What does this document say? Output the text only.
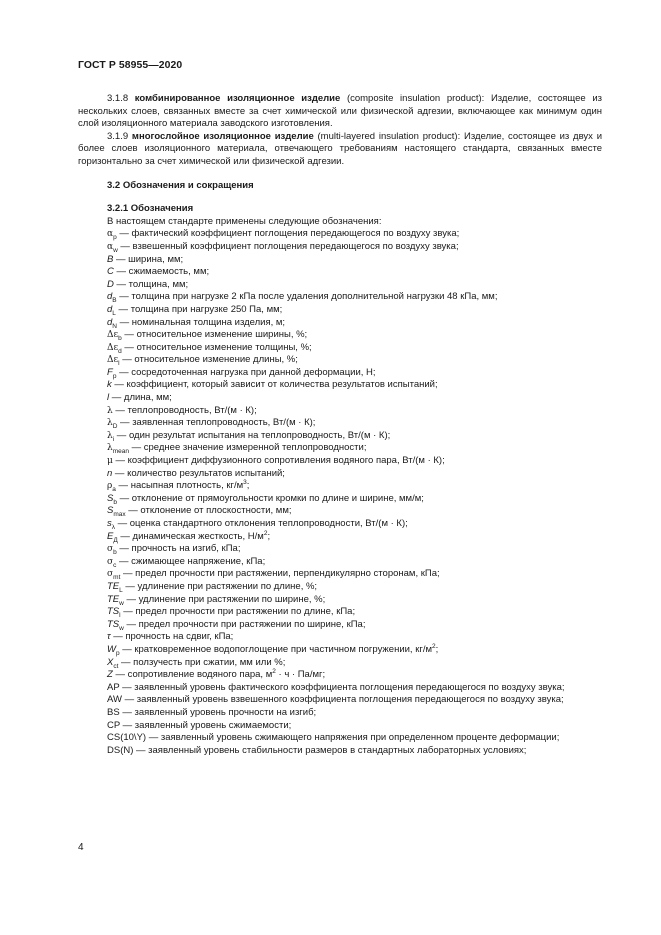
ГОСТ Р 58955—2020

3.1.8 комбинированное изоляционное изделие (composite insulation product): Изделие, состоящее из нескольких слоев, связанных вместе за счет химической или физической адгезии, включающее как минимум один слой изоляционного материала заводского изготовления.

3.1.9 многослойное изоляционное изделие (multi-layered insulation product): Изделие, состоящее из двух и более слоев изоляционного материала, отвечающего требованиям настоящего стандарта, связанных вместе горизонтально за счет химической или физической адгезии.

3.2 Обозначения и сокращения

3.2.1 Обозначения

В настоящем стандарте применены следующие обозначения:

$\alpha_p$ — фактический коэффициент поглощения передающегося по воздуху звука;

$\alpha_w$ — взвешенный коэффициент поглощения передающегося по воздуху звука;

B — ширина, мм;

C — сжимаемость, мм;

D — толщина, мм;

$d_B$ — толщина при нагрузке 2 кПа после удаления дополнительной нагрузки 48 кПа, мм;

$d_L$ — толщина при нагрузке 250 Па, мм;

$d_N$ — номинальная толщина изделия, м;

$\Delta\varepsilon_b$ — относительное изменение ширины, %;

$\Delta\varepsilon_d$ — относительное изменение толщины, %;

$\Delta\varepsilon_l$ — относительное изменение длины, %;

$F_p$ — сосредоточенная нагрузка при данной деформации, Н;

k — коэффициент, который зависит от количества результатов испытаний;

l — длина, мм;

λ — теплопроводность, Вт/(м · К);

$\lambda_D$ — заявленная теплопроводность, Вт/(м · К);

$\lambda_i$ — один результат испытания на теплопроводность, Вт/(м · К);

$\lambda_{mean}$ — среднее значение измеренной теплопроводности;

μ — коэффициент диффузионного сопротивления водяного пара, Вт/(м · К);

n — количество результатов испытаний;

$\rho_a$ — насыпная плотность, $кг/м^3$;

$S_b$ — отклонение от прямоугольности кромки по длине и ширине, мм/м;

$S_{max}$ — отклонение от плоскостности, мм;

$s_\lambda$ — оценка стандартного отклонения теплопроводности, Вт/(м · К);

$E_Д$ — динамическая жесткость, $Н/м^2$;

$\sigma_b$ — прочность на изгиб, кПа;

$\sigma_c$ — сжимающее напряжение, кПа;

$\sigma_{mt}$ — предел прочности при растяжении, перпендикулярно сторонам, кПа;

$TE_L$ — удлинение при растяжении по длине, %;

$TE_w$ — удлинение при растяжении по ширине, %;

$TS_l$ — предел прочности при растяжении по длине, кПа;

$TS_w$ — предел прочности при растяжении по ширине, кПа;

τ — прочность на сдвиг, кПа;

$W_p$ — кратковременное водопоглощение при частичном погружении, $кг/м^2$;

$X_{ct}$ — ползучесть при сжатии, мм или %;

Z — сопротивление водяного пара, $м^2 \cdot ч \cdot Па/мг$;

AP — заявленный уровень фактического коэффициента поглощения передающегося по воздуху звука;

AW — заявленный уровень взвешенного коэффициента поглощения передающегося по воздуху звука;

BS — заявленный уровень прочности на изгиб;

CP — заявленный уровень сжимаемости;

CS(10\Y) — заявленный уровень сжимающего напряжения при определенном проценте деформации;

DS(N) — заявленный уровень стабильности размеров в стандартных лабораторных условиях;

4
